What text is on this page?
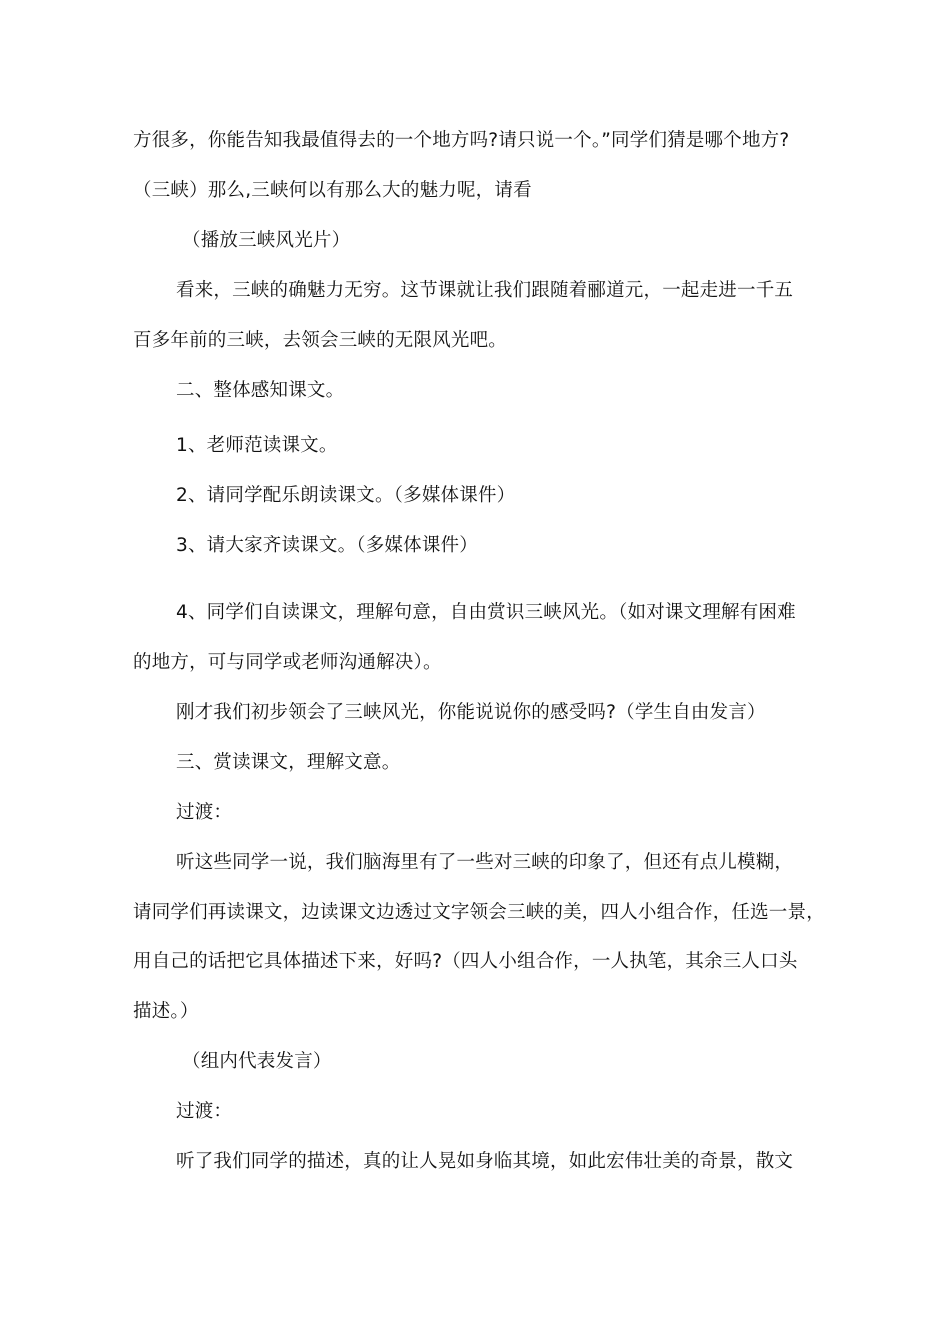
方很多，你能告知我最值得去的一个地方吗?请只说一个。”同学们猜是哪个地方?
（三峡）那么,三峡何以有那么大的魅力呢，请看
（播放三峡风光片）
看来，三峡的确魅力无穷。这节课就让我们跟随着郦道元，一起走进一千五
百多年前的三峡，去领会三峡的无限风光吧。
二、整体感知课文。
1、老师范读课文。
2、请同学配乐朗读课文。（多媒体课件）
3、请大家齐读课文。（多媒体课件）
4、同学们自读课文，理解句意，自由赏识三峡风光。（如对课文理解有困难
的地方，可与同学或老师沟通解决）。
刚才我们初步领会了三峡风光，你能说说你的感受吗?（学生自由发言）
三、赏读课文，理解文意。
过渡：
听这些同学一说，我们脑海里有了一些对三峡的印象了，但还有点儿模糊，
请同学们再读课文，边读课文边透过文字领会三峡的美，四人小组合作，任选一景，
用自己的话把它具体描述下来，好吗?（四人小组合作，一人执笔，其余三人口头
描述。）
（组内代表发言）
过渡：
听了我们同学的描述，真的让人晃如身临其境，如此宏伟壮美的奇景，散文
